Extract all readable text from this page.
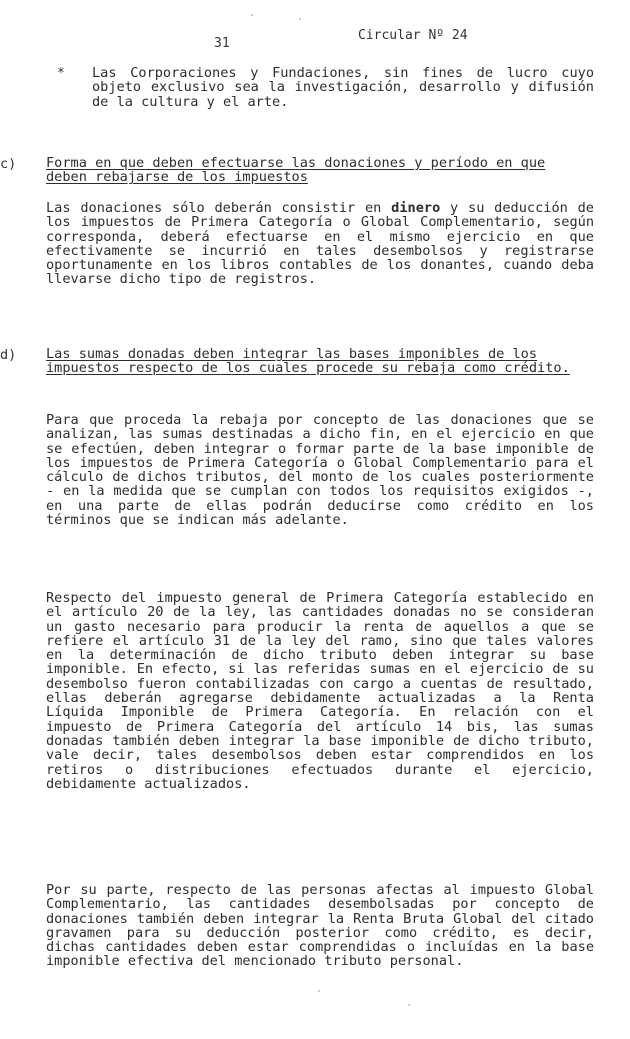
31
Circular Nº 24
* Las Corporaciones y Fundaciones, sin fines de lucro cuyo objeto exclusivo sea la investigación, desarrollo y difusión de la cultura y el arte.
c) Forma en que deben efectuarse las donaciones y período en que deben rebajarse de los impuestos
Las donaciones sólo deberán consistir en dinero y su deducción de los impuestos de Primera Categoría o Global Complementario, según corresponda, deberá efectuarse en el mismo ejercicio en que efectivamente se incurrió en tales desembolsos y registrarse oportunamente en los libros contables de los donantes, cuando deba llevarse dicho tipo de registros.
d) Las sumas donadas deben integrar las bases imponibles de los impuestos respecto de los cuales procede su rebaja como crédito.
Para que proceda la rebaja por concepto de las donaciones que se analizan, las sumas destinadas a dicho fin, en el ejercicio en que se efectúen, deben integrar o formar parte de la base imponible de los impuestos de Primera Categoría o Global Complementario para el cálculo de dichos tributos, del monto de los cuales posteriormente - en la medida que se cumplan con todos los requisitos exigidos -, en una parte de ellas podrán deducirse como crédito en los términos que se indican más adelante.
Respecto del impuesto general de Primera Categoría establecido en el artículo 20 de la ley, las cantidades donadas no se consideran un gasto necesario para producir la renta de aquellos a que se refiere el artículo 31 de la ley del ramo, sino que tales valores en la determinación de dicho tributo deben integrar su base imponible. En efecto, si las referidas sumas en el ejercicio de su desembolso fueron contabilizadas con cargo a cuentas de resultado, ellas deberán agregarse debidamente actualizadas a la Renta Líquida Imponible de Primera Categoría. En relación con el impuesto de Primera Categoría del artículo 14 bis, las sumas donadas también deben integrar la base imponible de dicho tributo, vale decir, tales desembolsos deben estar comprendidos en los retiros o distribuciones efectuados durante el ejercicio, debidamente actualizados.
Por su parte, respecto de las personas afectas al impuesto Global Complementario, las cantidades desembolsadas por concepto de donaciones también deben integrar la Renta Bruta Global del citado gravamen para su deducción posterior como crédito, es decir, dichas cantidades deben estar comprendidas o incluídas en la base imponible efectiva del mencionado tributo personal.
